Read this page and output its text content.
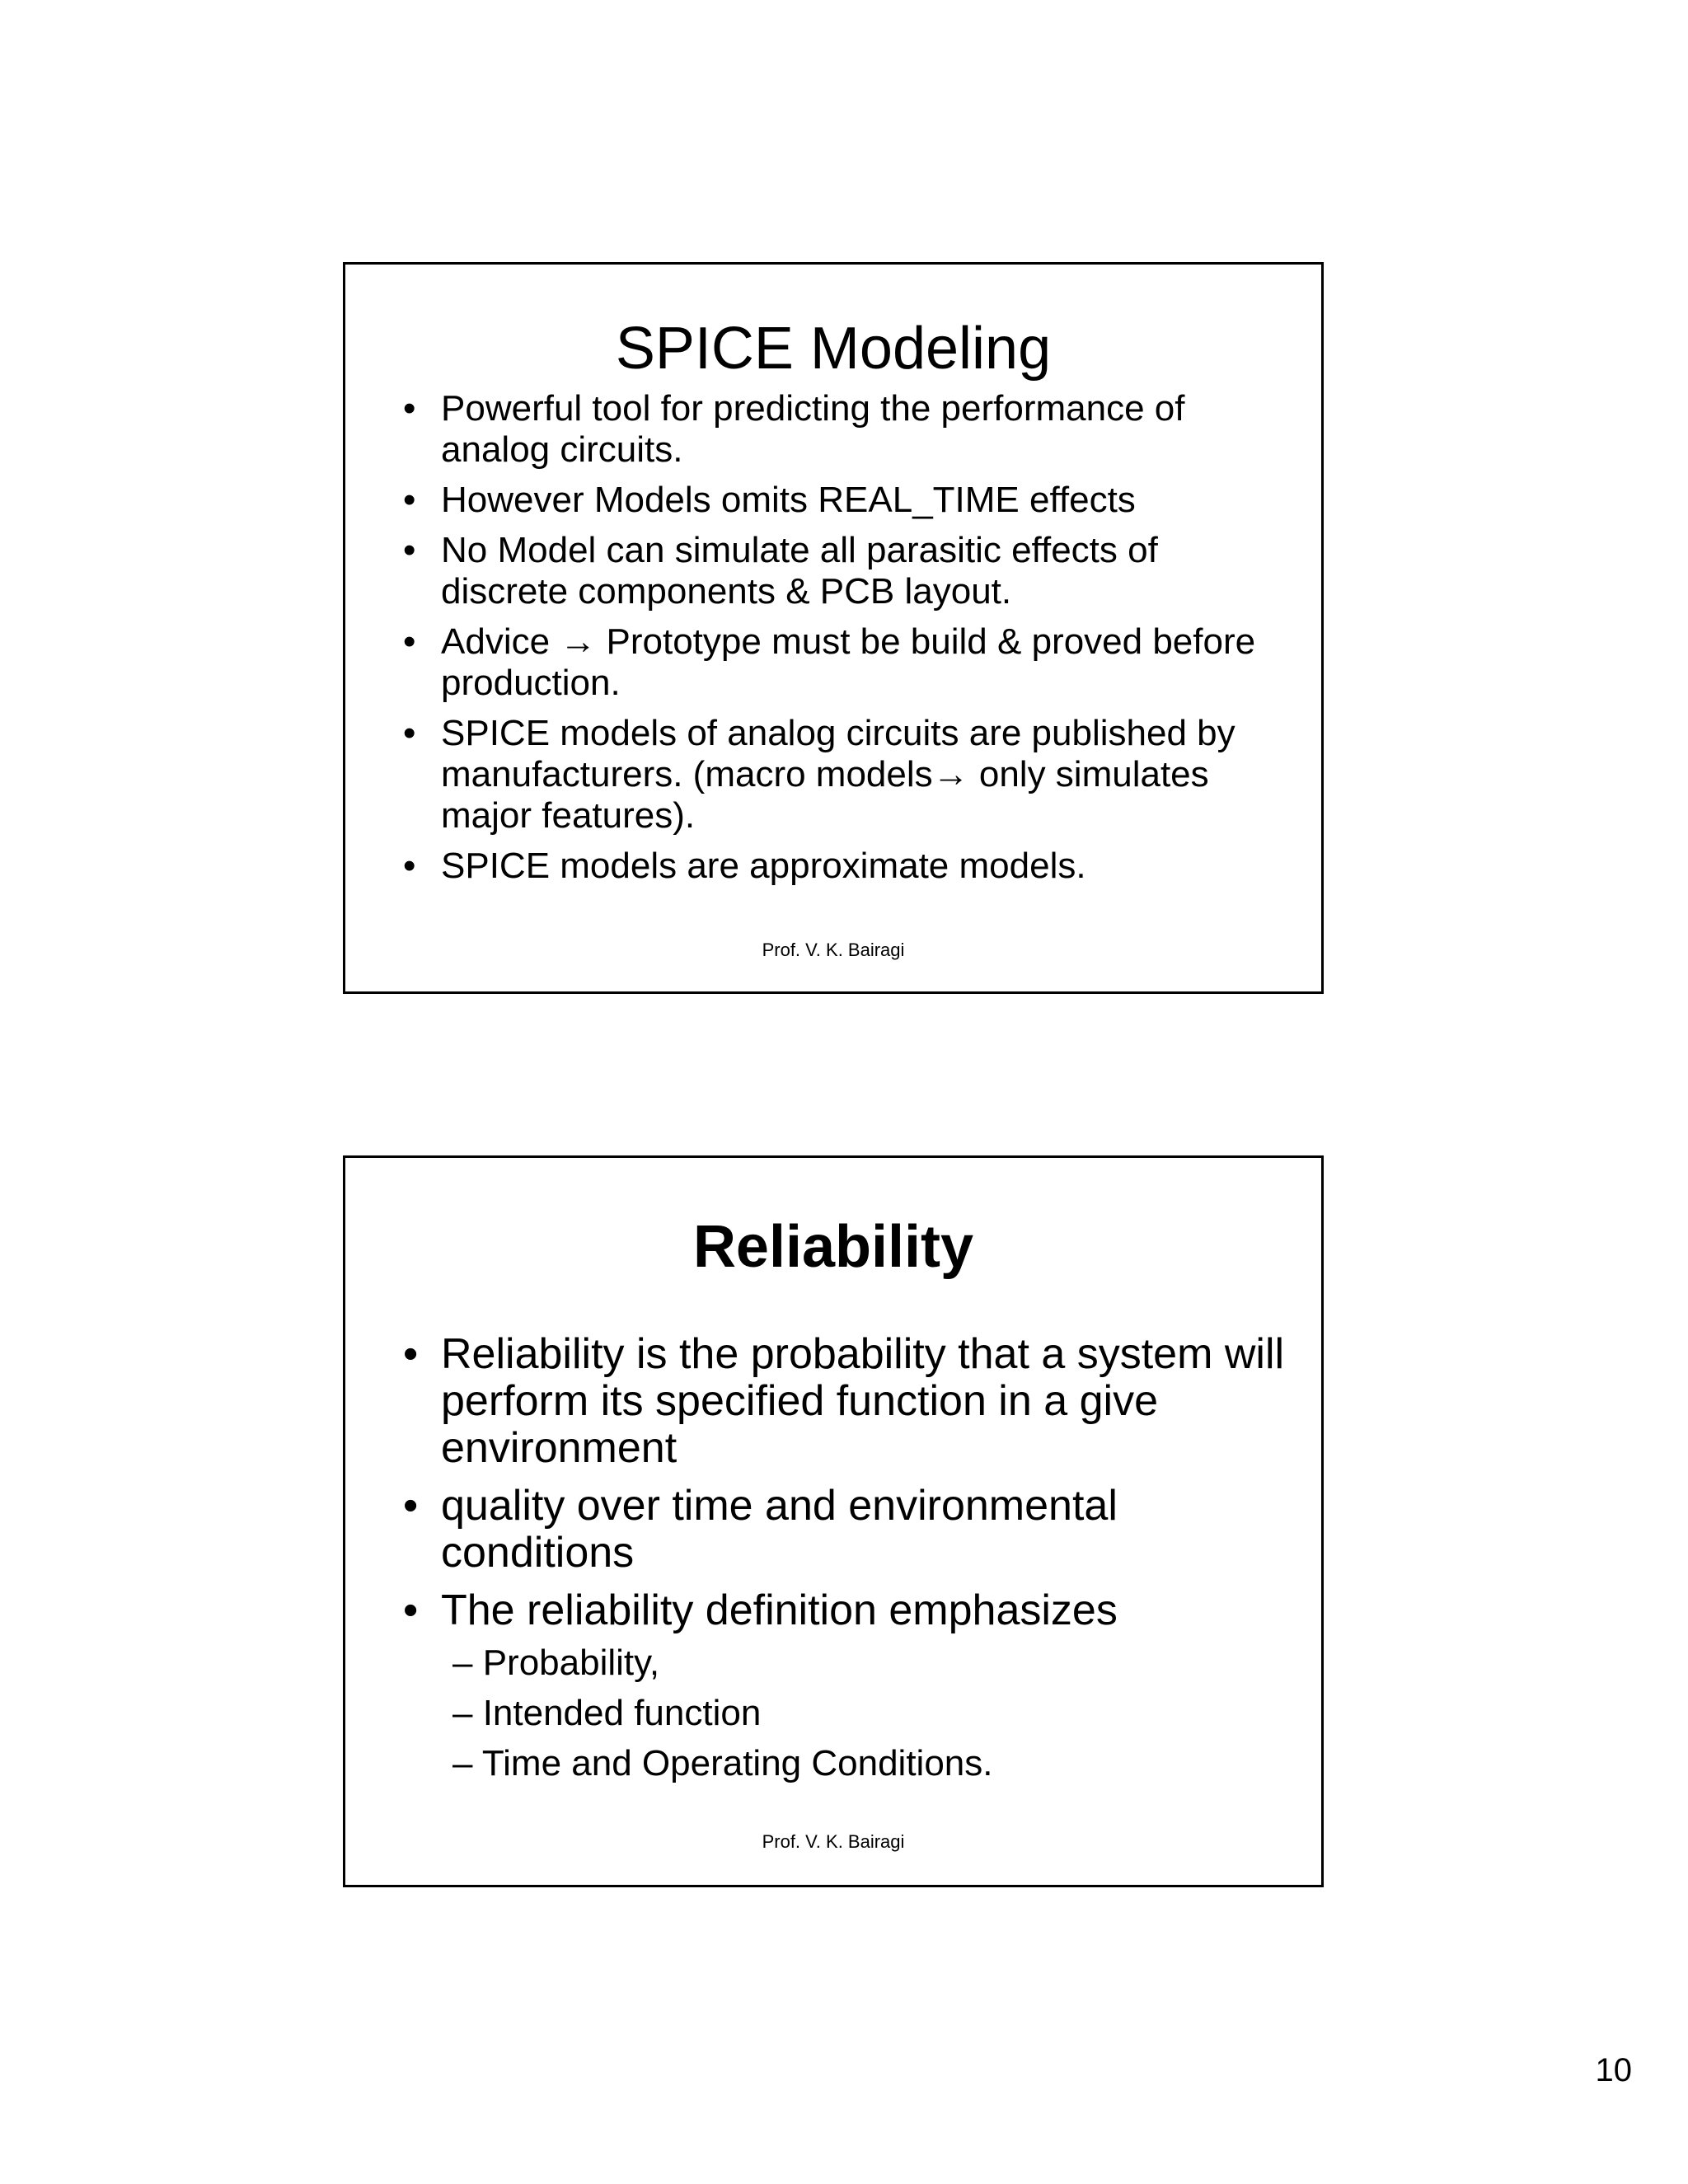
SPICE Modeling
• Powerful tool for predicting the performance of analog circuits.
• However Models omits REAL_TIME effects
• No Model can simulate all parasitic effects of discrete components & PCB layout.
• Advice → Prototype must be build & proved before production.
• SPICE models of analog circuits are published by manufacturers. (macro models→ only simulates major features).
• SPICE models are approximate models.
Prof. V. K. Bairagi
Reliability
• Reliability is the probability that a system will perform its specified function in a give environment
• quality over time and environmental conditions
• The reliability definition emphasizes
– Probability,
– Intended function
– Time and Operating Conditions.
Prof. V. K. Bairagi
10
